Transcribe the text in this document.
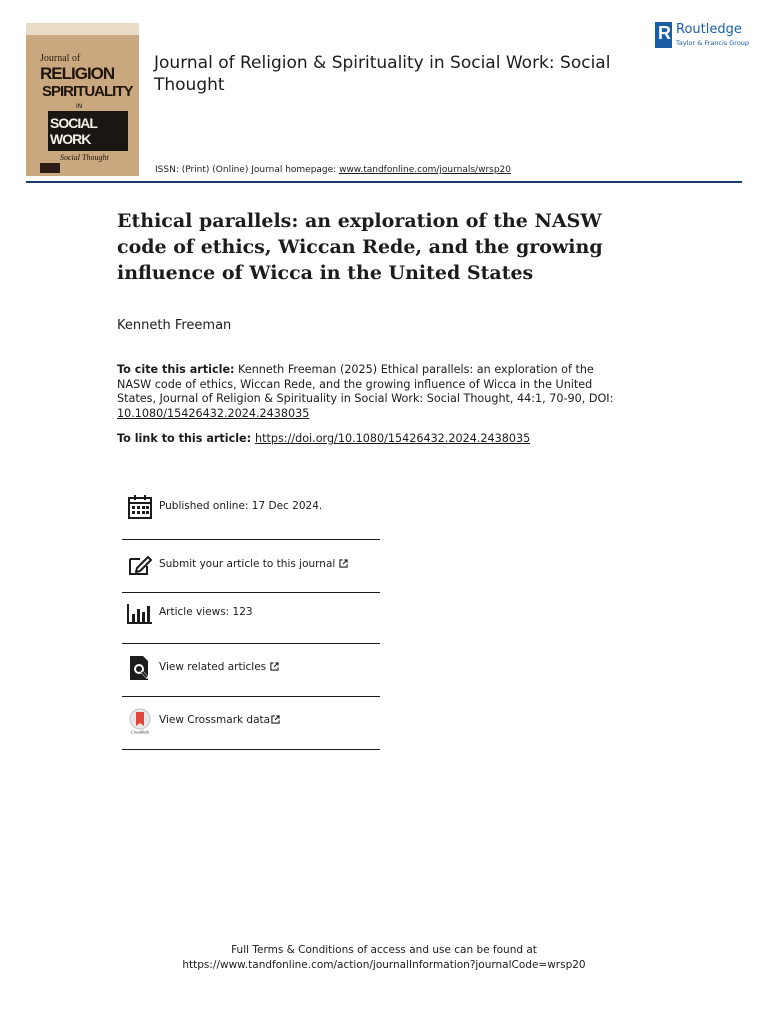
Journal of
RELIGION
SPIRITUALITY
IN
SOCIAL WORK
Social Thought
Journal of Religion & Spirituality in Social Work: Social Thought
ISSN: (Print) (Online) Journal homepage: www.tandfonline.com/journals/wrsp20
R Routledge
Taylor & Francis Group
Ethical parallels: an exploration of the NASW code of ethics, Wiccan Rede, and the growing influence of Wicca in the United States
Kenneth Freeman
To cite this article: Kenneth Freeman (2025) Ethical parallels: an exploration of the NASW code of ethics, Wiccan Rede, and the growing influence of Wicca in the United States, Journal of Religion & Spirituality in Social Work: Social Thought, 44:1, 70-90, DOI: 10.1080/15426432.2024.2438035
To link to this article: https://doi.org/10.1080/15426432.2024.2438035
Published online: 17 Dec 2024.
Submit your article to this journal
Article views: 123
View related articles
CrossMark
View Crossmark data
Full Terms & Conditions of access and use can be found at
https://www.tandfonline.com/action/journalInformation?journalCode=wrsp20
